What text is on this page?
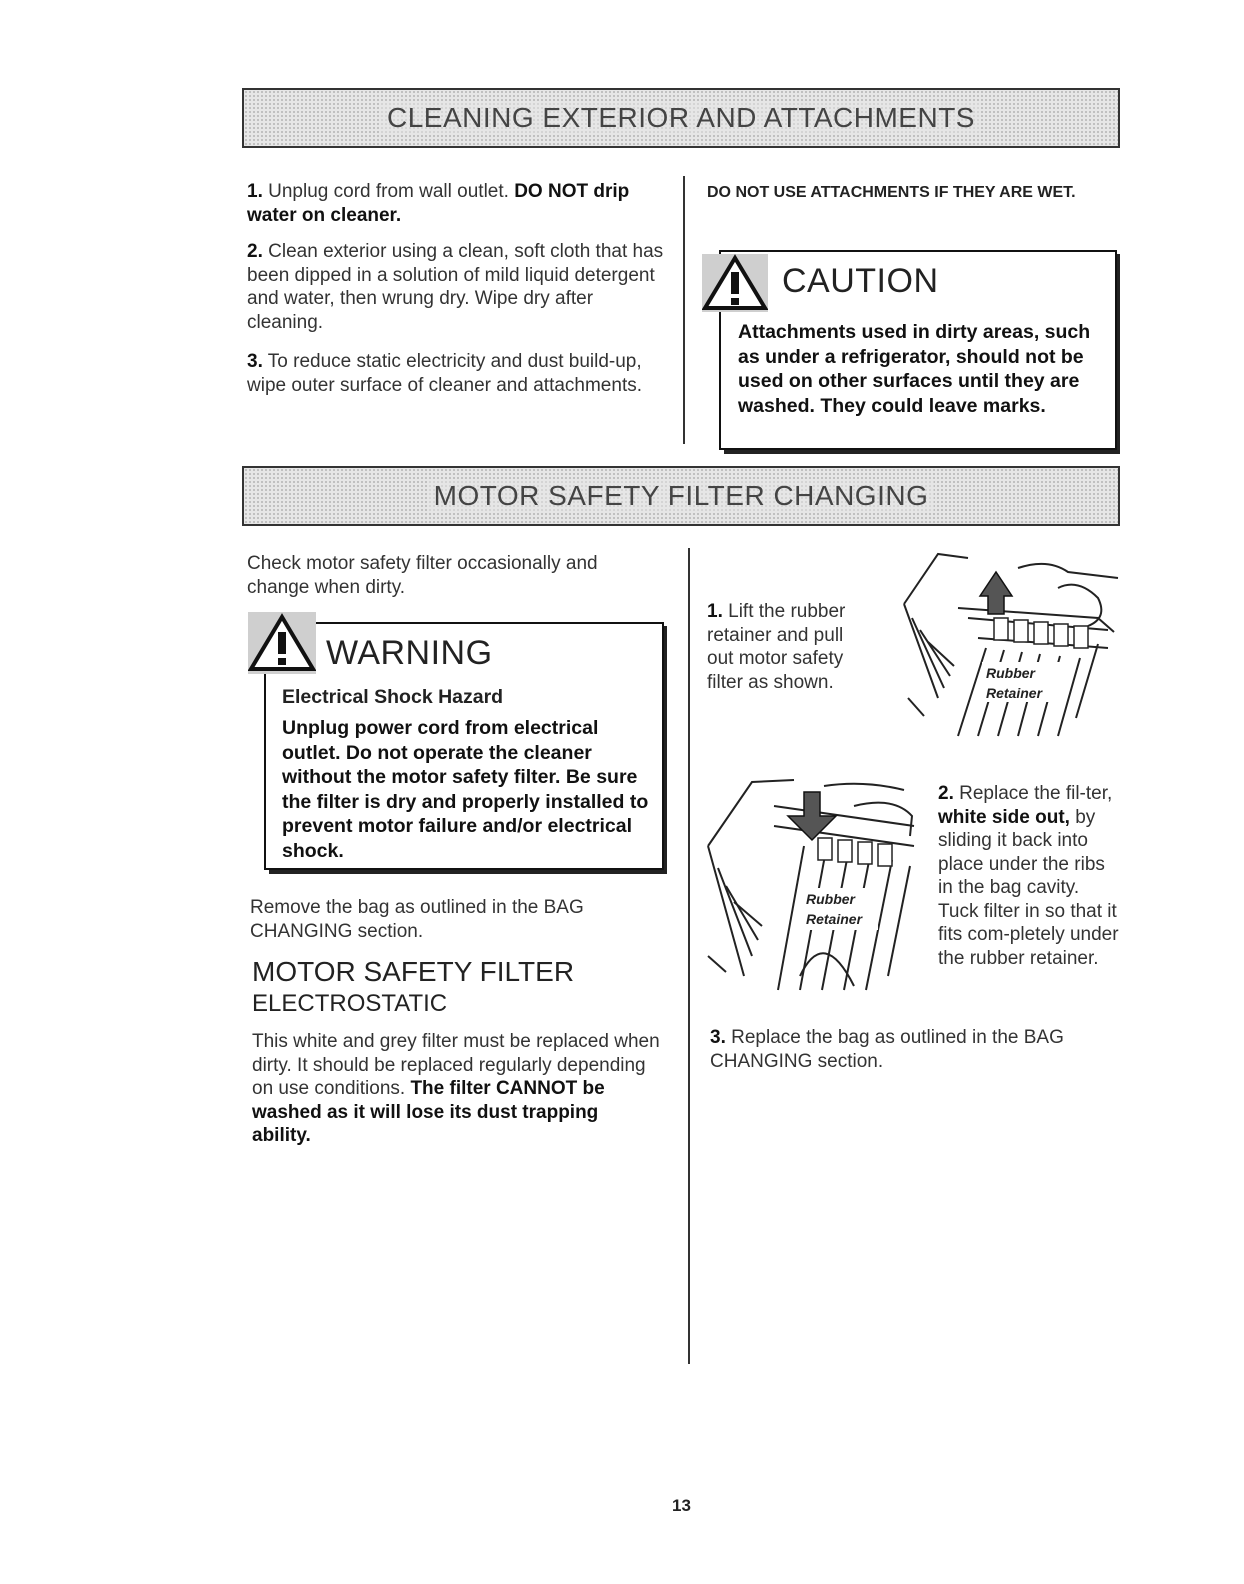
CLEANING EXTERIOR AND ATTACHMENTS
1. Unplug cord from wall outlet. DO NOT drip water on cleaner.
2. Clean exterior using a clean, soft cloth that has been dipped in a solution of mild liquid detergent and water, then wrung dry. Wipe dry after cleaning.
3. To reduce static electricity and dust build-up, wipe outer surface of cleaner and attachments.
DO NOT USE ATTACHMENTS IF THEY ARE WET.
CAUTION
Attachments used in dirty areas, such as under a refrigerator, should not be used on other surfaces until they are washed. They could leave marks.
MOTOR SAFETY FILTER CHANGING
Check motor safety filter occasionally and change when dirty.
WARNING
Electrical Shock Hazard
Unplug power cord from electrical outlet. Do not operate the cleaner without the motor safety filter. Be sure the filter is dry and properly installed to prevent motor failure and/or electrical shock.
Remove the bag as outlined in the BAG CHANGING section.
MOTOR SAFETY FILTER
ELECTROSTATIC
This white and grey filter must be replaced when dirty. It should be replaced regularly depending on use conditions. The filter CANNOT be washed as it will lose its dust trapping ability.
1. Lift the rubber retainer and pull out motor safety filter as shown.	Rubber
Retainer
Rubber
Retainer
2. Replace the fil-ter, white side out, by sliding it back into place under the ribs in the bag cavity. Tuck filter in so that it fits com-pletely under the rubber retainer.
3. Replace the bag as outlined in the BAG CHANGING section.
13
